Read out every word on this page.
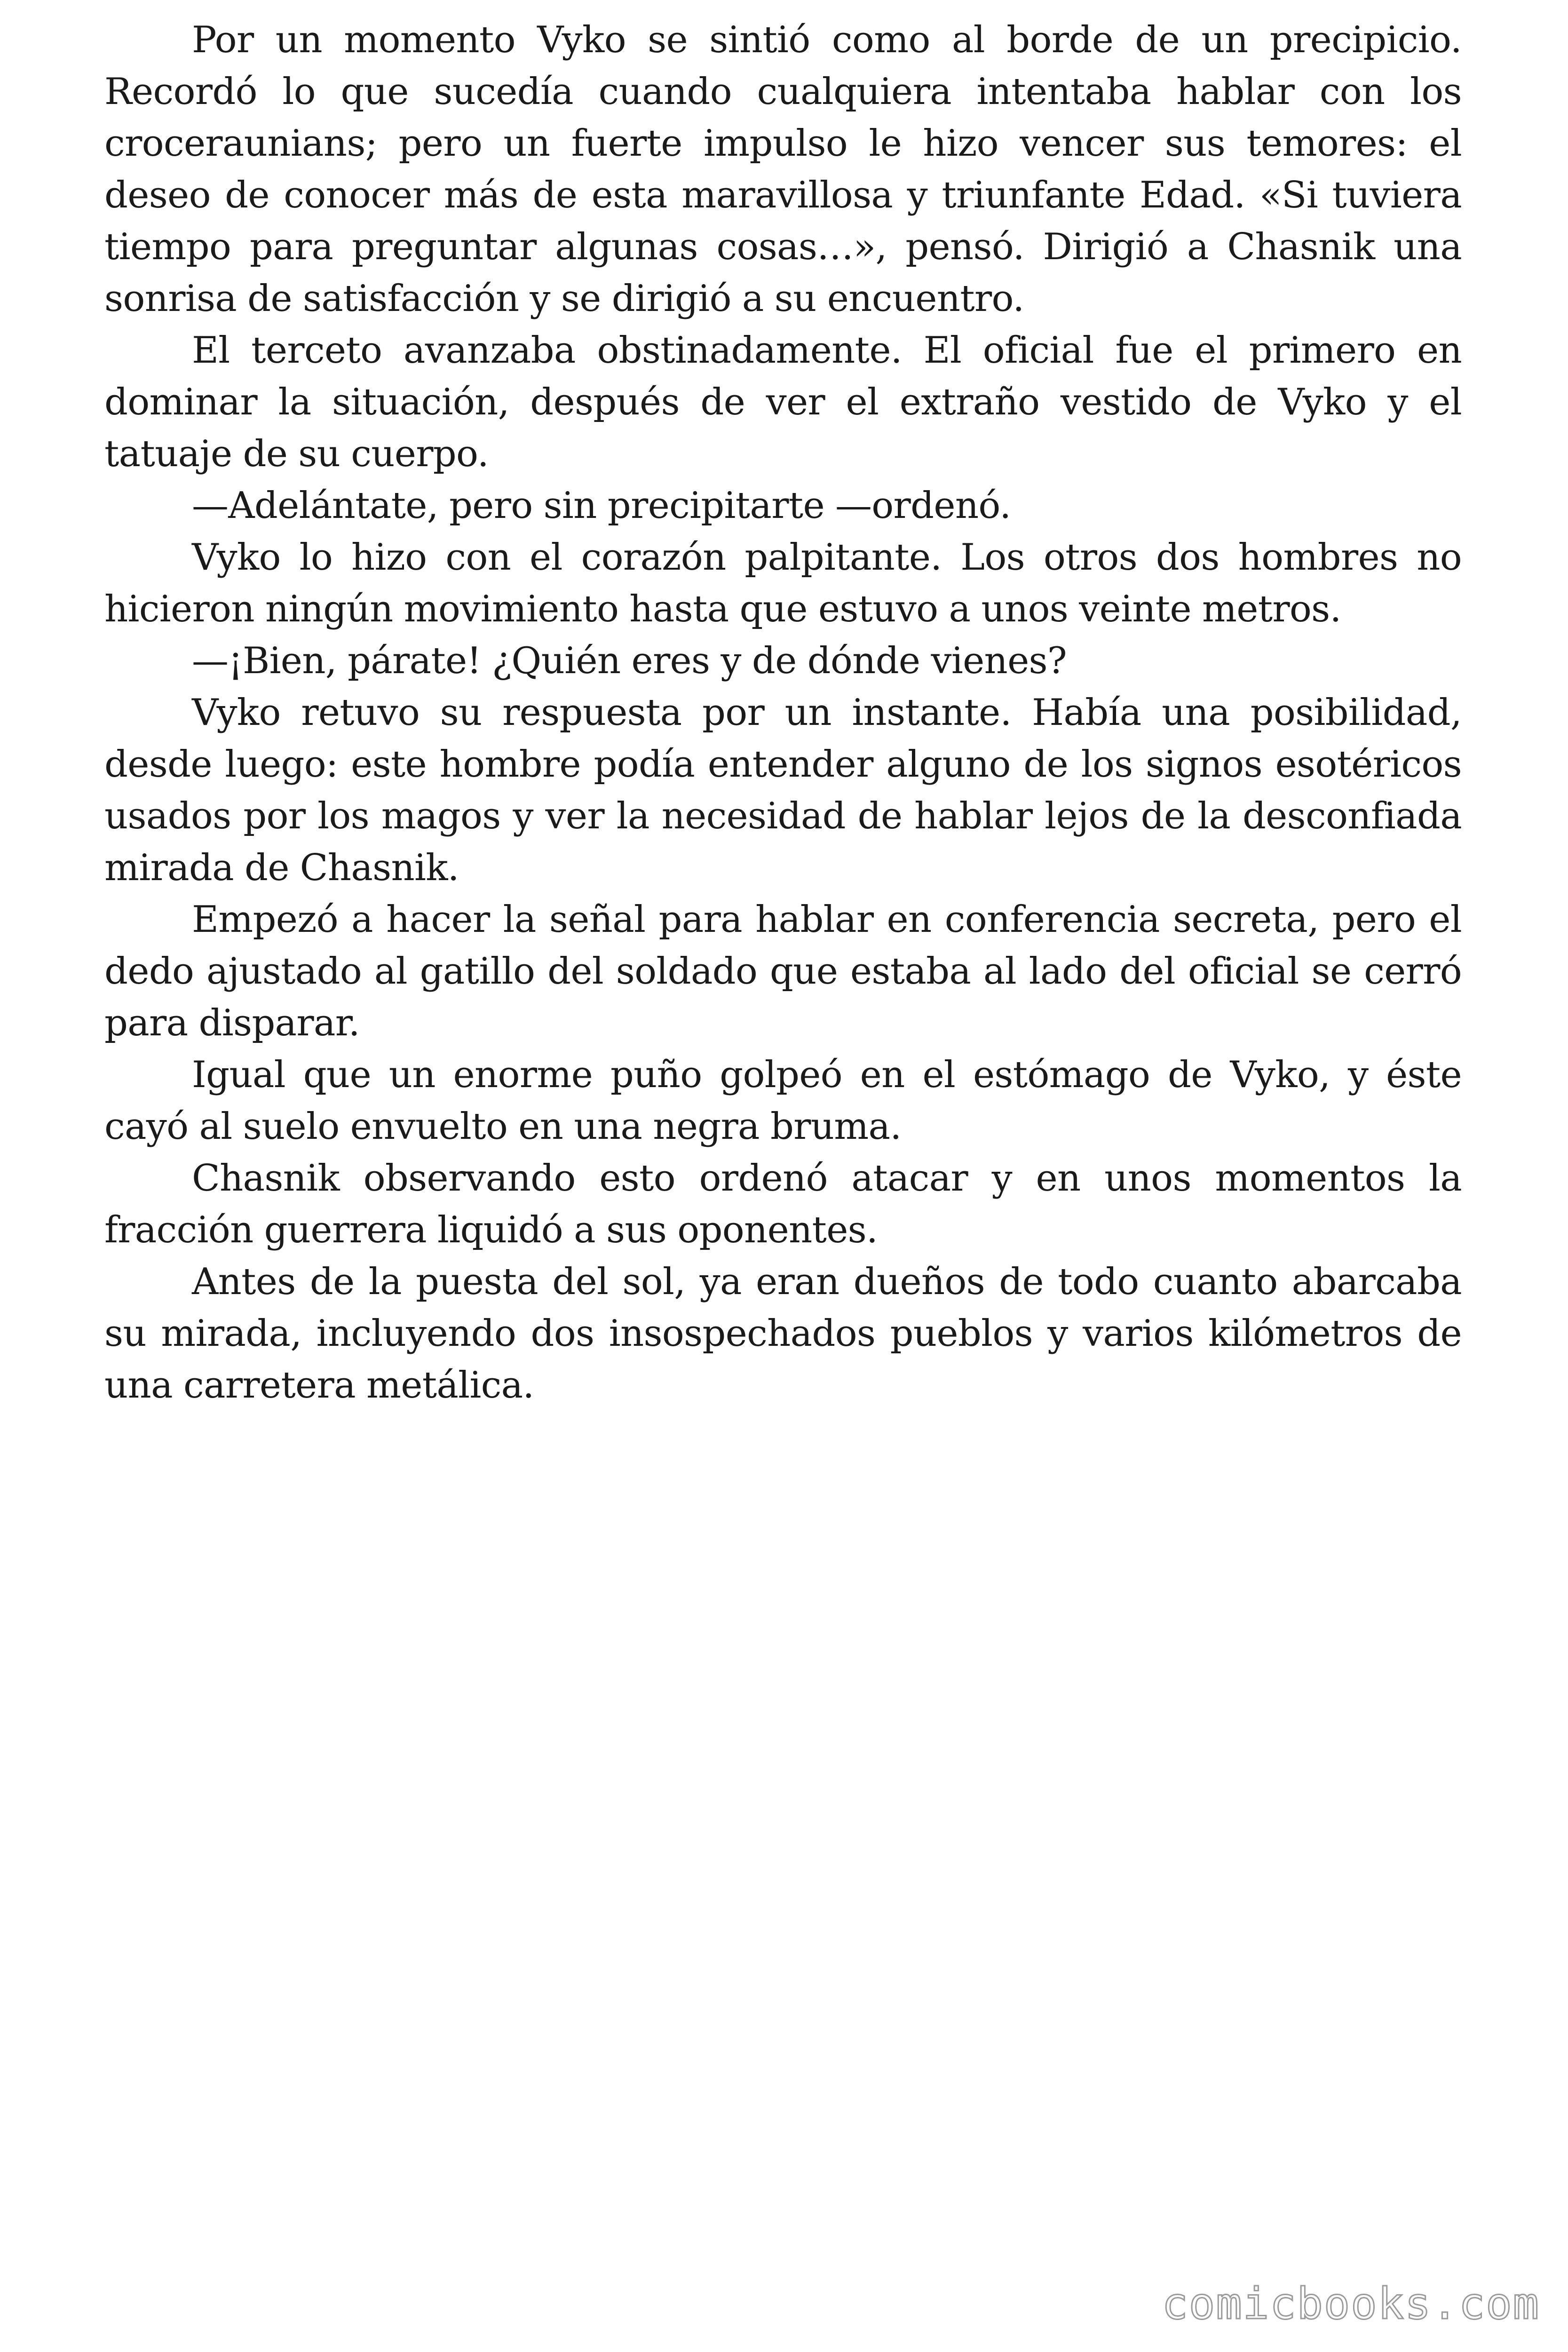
Por un momento Vyko se sintió como al borde de un precipicio. Recordó lo que sucedía cuando cualquiera intentaba hablar con los croceraunians; pero un fuerte impulso le hizo vencer sus temores: el deseo de conocer más de esta maravillosa y triunfante Edad. «Si tuviera tiempo para preguntar algunas cosas…», pensó. Dirigió a Chasnik una sonrisa de satisfacción y se dirigió a su encuentro.

El terceto avanzaba obstinadamente. El oficial fue el primero en dominar la situación, después de ver el extraño vestido de Vyko y el tatuaje de su cuerpo.

—Adelántate, pero sin precipitarte —ordenó.

Vyko lo hizo con el corazón palpitante. Los otros dos hombres no hicieron ningún movimiento hasta que estuvo a unos veinte metros.

—¡Bien, párate! ¿Quién eres y de dónde vienes?

Vyko retuvo su respuesta por un instante. Había una posibilidad, desde luego: este hombre podía entender alguno de los signos esotéricos usados por los magos y ver la necesidad de hablar lejos de la desconfiada mirada de Chasnik.

Empezó a hacer la señal para hablar en conferencia secreta, pero el dedo ajustado al gatillo del soldado que estaba al lado del oficial se cerró para disparar.

Igual que un enorme puño golpeó en el estómago de Vyko, y éste cayó al suelo envuelto en una negra bruma.

Chasnik observando esto ordenó atacar y en unos momentos la fracción guerrera liquidó a sus oponentes.

Antes de la puesta del sol, ya eran dueños de todo cuanto abarcaba su mirada, incluyendo dos insospechados pueblos y varios kilómetros de una carretera metálica.

comicbooks.com
